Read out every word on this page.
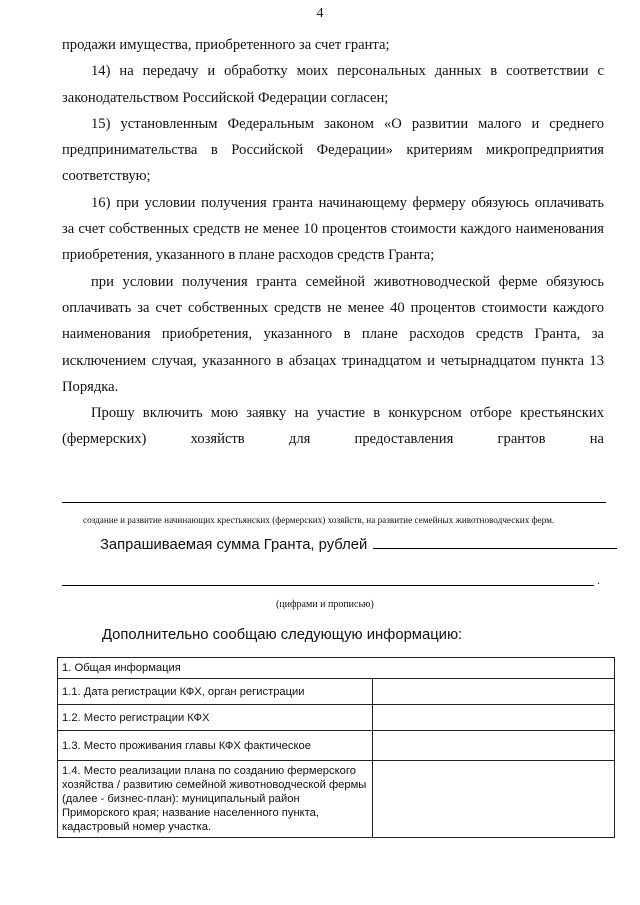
4

продажи имущества, приобретенного за счет гранта;

14) на передачу и обработку моих персональных данных в соответствии с законодательством Российской Федерации согласен;

15) установленным Федеральным законом «О развитии малого и среднего предпринимательства в Российской Федерации» критериям микропредприятия соответствую;

16) при условии получения гранта начинающему фермеру обязуюсь оплачивать за счет собственных средств не менее 10 процентов стоимости каждого наименования приобретения, указанного в плане расходов средств Гранта;

при условии получения гранта семейной животноводческой ферме обязуюсь оплачивать за счет собственных средств не менее 40 процентов стоимости каждого наименования приобретения, указанного в плане расходов средств Гранта, за исключением случая, указанного в абзацах тринадцатом и четырнадцатом пункта 13 Порядка.

Прошу включить мою заявку на участие в конкурсном отборе крестьянских (фермерских) хозяйств для предоставления грантов на

создание и развитие начинающих крестьянских (фермерских) хозяйств, на развитие семейных животноводческих ферм.
Запрашиваемая сумма Гранта, рублей
.
(цифрами и прописью)
Дополнительно сообщаю следующую информацию:
1. Общая информация	
1.1. Дата регистрации КФХ, орган регистрации	
1.2. Место регистрации КФХ	
1.3. Место проживания главы КФХ фактическое	
1.4. Место реализации плана по созданию фермерского хозяйства / развитию семейной животноводческой фермы (далее - бизнес-план): муниципальный район Приморского края; название населенного пункта, кадастровый номер участка.	
